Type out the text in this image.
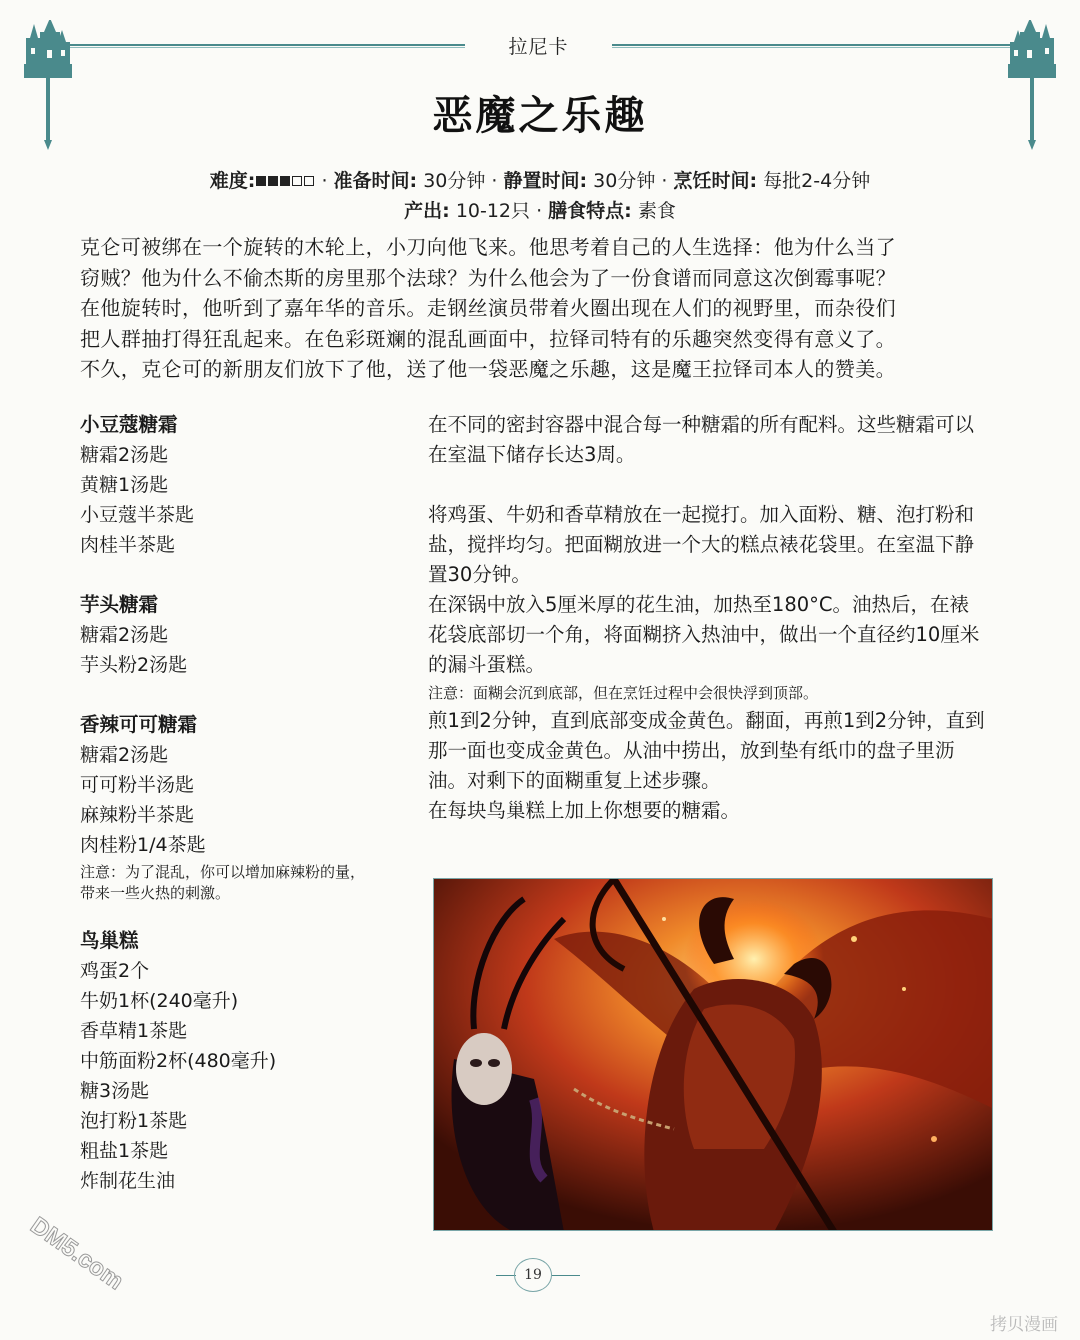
拉尼卡
恶魔之乐趣
难度:	· 准备时间: 30分钟 · 静置时间: 30分钟 · 烹饪时间: 每批2-4分钟
产出: 10-12只 · 膳食特点: 素食
克仑可被绑在一个旋转的木轮上，小刀向他飞来。他思考着自己的人生选择：他为什么当了
窃贼？他为什么不偷杰斯的房里那个法球？为什么他会为了一份食谱而同意这次倒霉事呢？
在他旋转时，他听到了嘉年华的音乐。走钢丝演员带着火圈出现在人们的视野里，而杂役们
把人群抽打得狂乱起来。在色彩斑斓的混乱画面中，拉铎司特有的乐趣突然变得有意义了。
不久，克仑可的新朋友们放下了他，送了他一袋恶魔之乐趣，这是魔王拉铎司本人的赞美。
小豆蔻糖霜
糖霜2汤匙
黄糖1汤匙
小豆蔻半茶匙
肉桂半茶匙
芋头糖霜
糖霜2汤匙
芋头粉2汤匙
香辣可可糖霜
糖霜2汤匙
可可粉半汤匙
麻辣粉半茶匙
肉桂粉1/4茶匙
注意：为了混乱，你可以增加麻辣粉的量，带来一些火热的刺激。
鸟巢糕
鸡蛋2个
牛奶1杯(240毫升)
香草精1茶匙
中筋面粉2杯(480毫升)
糖3汤匙
泡打粉1茶匙
粗盐1茶匙
炸制花生油

在不同的密封容器中混合每一种糖霜的所有配料。这些糖霜可以在室温下储存长达3周。

将鸡蛋、牛奶和香草精放在一起搅打。加入面粉、糖、泡打粉和盐，搅拌均匀。把面糊放进一个大的糕点裱花袋里。在室温下静置30分钟。

在深锅中放入5厘米厚的花生油，加热至180°C。油热后，在裱花袋底部切一个角，将面糊挤入热油中，做出一个直径约10厘米的漏斗蛋糕。

注意：面糊会沉到底部，但在烹饪过程中会很快浮到顶部。

煎1到2分钟，直到底部变成金黄色。翻面，再煎1到2分钟，直到那一面也变成金黄色。从油中捞出，放到垫有纸巾的盘子里沥油。对剩下的面糊重复上述步骤。

在每块鸟巢糕上加上你想要的糖霜。

19
DM5.com
拷贝漫画
